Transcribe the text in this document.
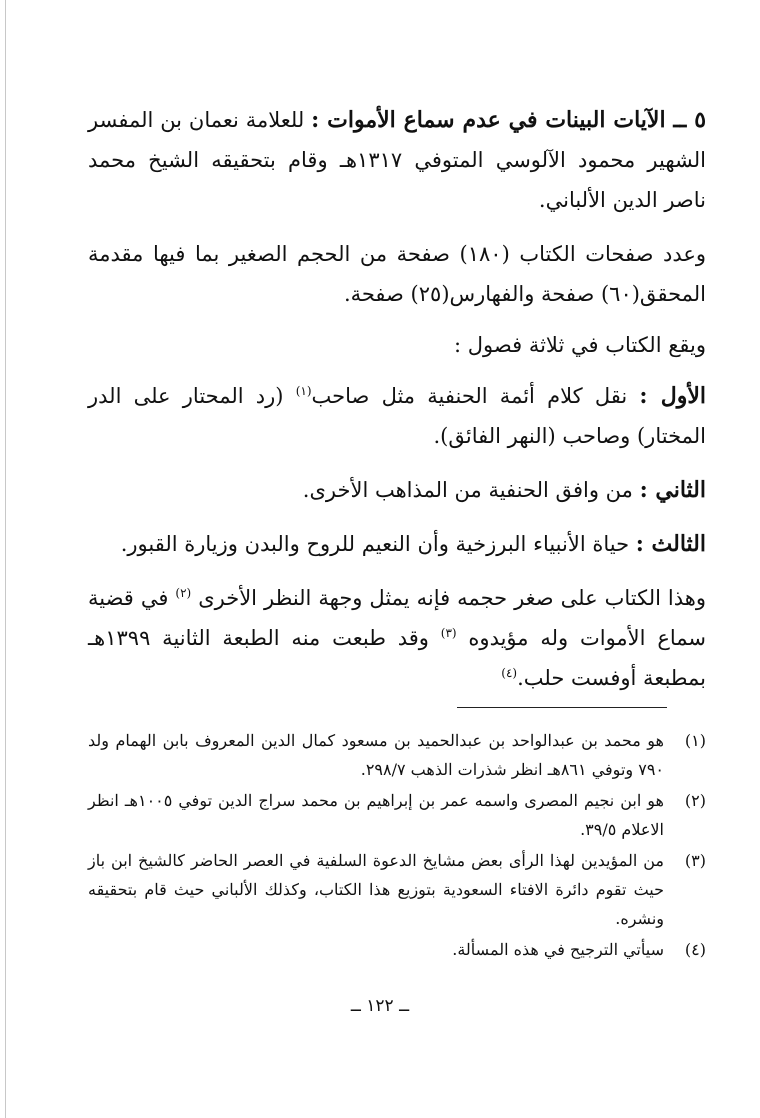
٥ ــ الآيات البينات في عدم سماع الأموات : للعلامة نعمان بن المفسر الشهير محمود الآلوسي المتوفي ١٣١٧هـ وقام بتحقيقه الشيخ محمد ناصر الدين الألباني.

وعدد صفحات الكتاب (١٨٠) صفحة من الحجم الصغير بما فيها مقدمة المحقق(٦٠) صفحة والفهارس(٢٥) صفحة.

ويقع الكتاب في ثلاثة فصول :

الأول : نقل كلام أئمة الحنفية مثل صاحب$^{(١)}$ (رد المحتار على الدر المختار) وصاحب (النهر الفائق).

الثاني : من وافق الحنفية من المذاهب الأخرى.

الثالث : حياة الأنبياء البرزخية وأن النعيم للروح والبدن وزيارة القبور.

وهذا الكتاب على صغر حجمه فإنه يمثل وجهة النظر الأخرى $^{(٢)}$ في قضية سماع الأموات وله مؤيدوه $^{(٣)}$ وقد طبعت منه الطبعة الثانية ١٣٩٩هـ بمطبعة أوفست حلب.$^{(٤)}$

(١)
هو محمد بن عبدالواحد بن عبدالحميد بن مسعود كمال الدين المعروف بابن الهمام ولد ٧٩٠ وتوفي ٨٦١هـ انظر شذرات الذهب ٢٩٨/٧.
(٢)
هو ابن نجيم المصرى واسمه عمر بن إبراهيم بن محمد سراج الدين توفي ١٠٠٥هـ انظر الاعلام ٣٩/٥.
(٣)
من المؤيدين لهذا الرأى بعض مشايخ الدعوة السلفية في العصر الحاضر كالشيخ ابن باز حيث تقوم دائرة الافتاء السعودية بتوزيع هذا الكتاب، وكذلك الألباني حيث قام بتحقيقه ونشره.
(٤)
سيأتي الترجيح في هذه المسألة.
ــ ١٢٢ ــ
